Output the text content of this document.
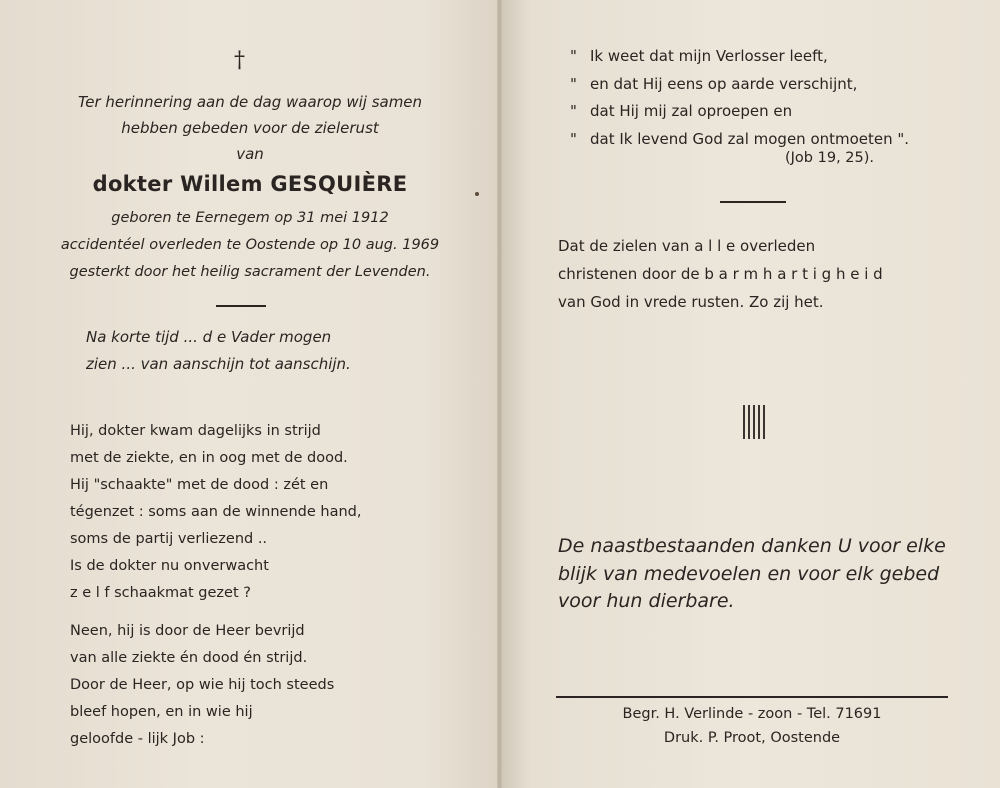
†
Ter herinnering aan de dag waarop wij samen
hebben gebeden voor de zielerust
van
dokter Willem GESQUIÈRE
geboren te Eernegem op 31 mei 1912
accidentéel overleden te Oostende op 10 aug. 1969
gesterkt door het heilig sacrament der Levenden.
Na korte tijd ... d e Vader mogen
zien ... van aanschijn tot aanschijn.
Hij, dokter kwam dagelijks in strijd
met de ziekte, en in oog met de dood.
Hij "schaakte" met de dood : zét en
tégenzet : soms aan de winnende hand,
soms de partij verliezend ..
Is de dokter nu onverwacht
z e l f schaakmat gezet ?
Neen, hij is door de Heer bevrijd
van alle ziekte én dood én strijd.
Door de Heer, op wie hij toch steeds
bleef hopen, en in wie hij
geloofde - lijk Job :
" Ik weet dat mijn Verlosser leeft,
" en dat Hij eens op aarde verschijnt,
" dat Hij mij zal oproepen en
" dat Ik levend God zal mogen ontmoeten ".
(Job 19, 25).
Dat de zielen van a l l e overleden
christenen door de b a r m h a r t i g h e i d
van God in vrede rusten. Zo zij het.
De naastbestaanden danken U voor elke
blijk van medevoelen en voor elk gebed
voor hun dierbare.
Begr. H. Verlinde - zoon - Tel. 71691
Druk. P. Proot, Oostende
